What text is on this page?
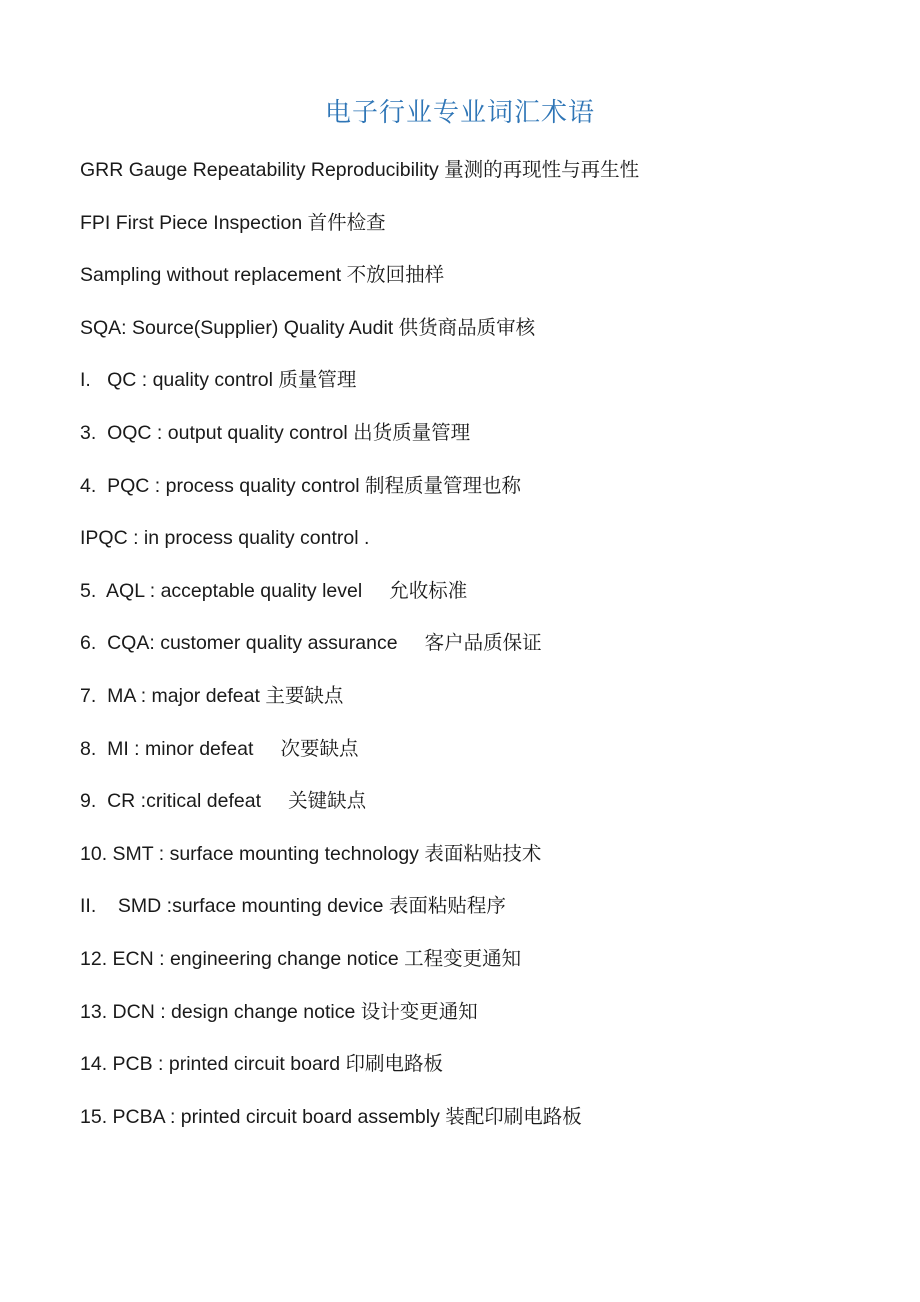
电子行业专业词汇术语
GRR Gauge Repeatability Reproducibility 量测的再现性与再生性
FPI First Piece Inspection 首件检查
Sampling without replacement 不放回抽样
SQA: Source(Supplier) Quality Audit 供货商品质审核
I.   QC : quality control 质量管理
3.  OQC : output quality control 出货质量管理
4.  PQC : process quality control 制程质量管理也称
IPQC : in process quality control .
5.  AQL : acceptable quality level     允收标准
6.  CQA: customer quality assurance     客户品质保证
7.  MA : major defeat 主要缺点
8.  MI : minor defeat     次要缺点
9.  CR :critical defeat     关键缺点
10. SMT : surface mounting technology 表面粘贴技术
II.    SMD :surface mounting device 表面粘贴程序
12. ECN : engineering change notice 工程变更通知
13. DCN : design change notice 设计变更通知
14. PCB : printed circuit board 印刷电路板
15. PCBA : printed circuit board assembly 装配印刷电路板
